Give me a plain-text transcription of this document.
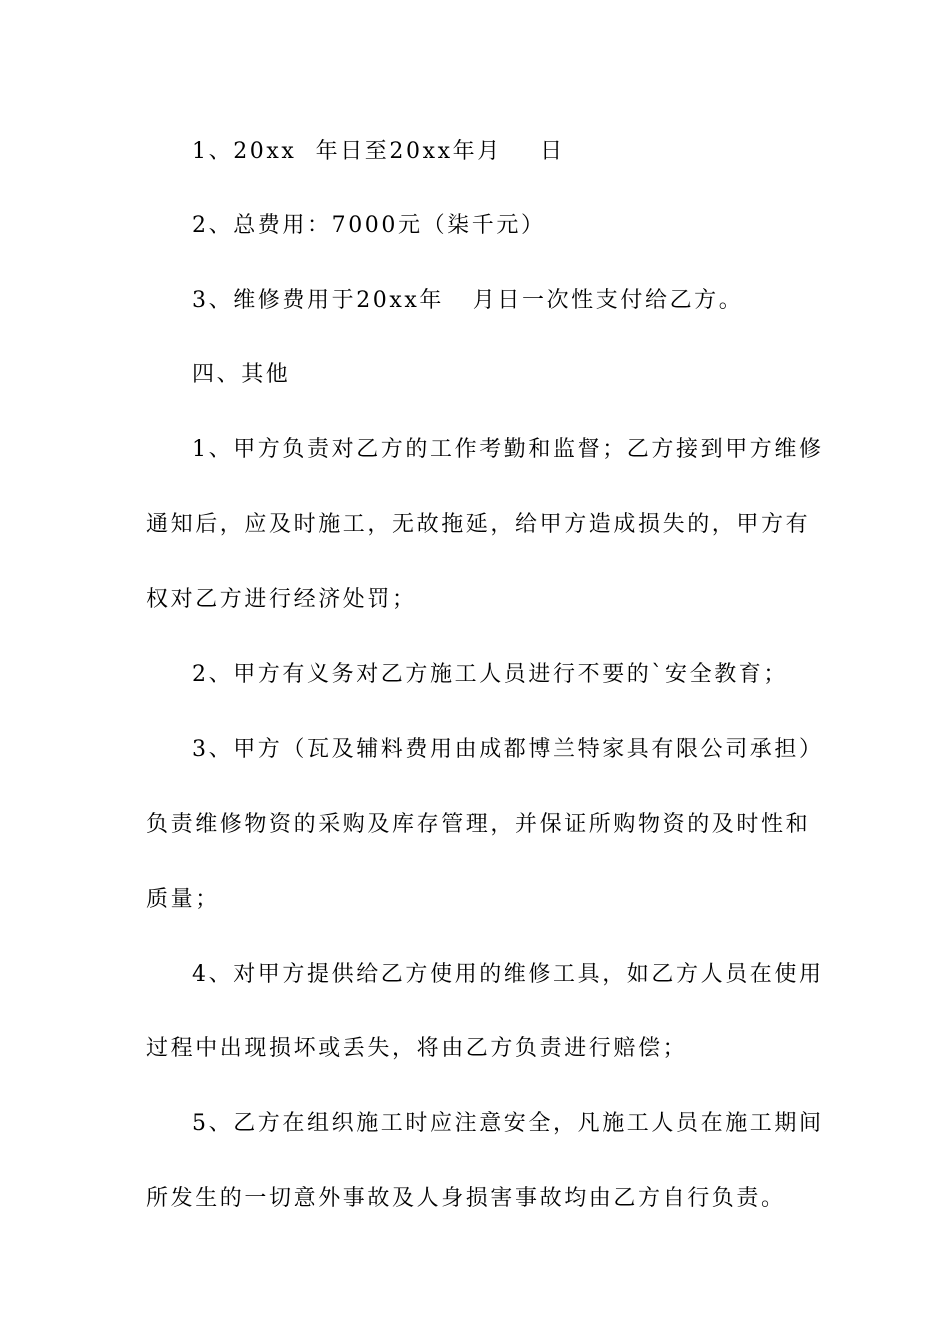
1、20xx  年日至20xx年月    日
2、总费用：7000元（柒千元）
3、维修费用于20xx年   月日一次性支付给乙方。
四、其他
1、甲方负责对乙方的工作考勤和监督；乙方接到甲方维修
通知后，应及时施工，无故拖延，给甲方造成损失的，甲方有
权对乙方进行经济处罚；
2、甲方有义务对乙方施工人员进行不要的`安全教育；
3、甲方（瓦及辅料费用由成都博兰特家具有限公司承担）
负责维修物资的采购及库存管理，并保证所购物资的及时性和
质量；
4、对甲方提供给乙方使用的维修工具，如乙方人员在使用
过程中出现损坏或丢失，将由乙方负责进行赔偿；
5、乙方在组织施工时应注意安全，凡施工人员在施工期间
所发生的一切意外事故及人身损害事故均由乙方自行负责。
